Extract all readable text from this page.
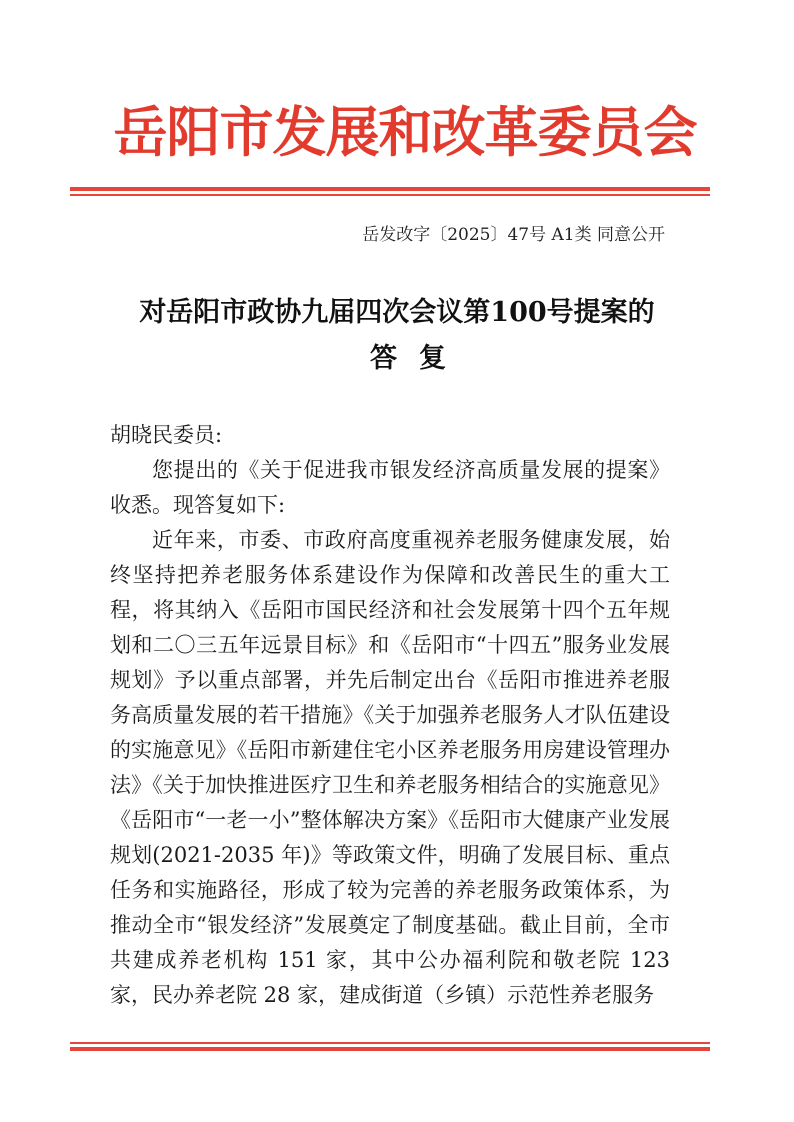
岳阳市发展和改革委员会
岳发改字〔2025〕47号 A1类 同意公开
对岳阳市政协九届四次会议第100号提案的
答复

胡晓民委员:

您提出的《关于促进我市银发经济高质量发展的提案》收悉。现答复如下:

近年来，市委、市政府高度重视养老服务健康发展，始终坚持把养老服务体系建设作为保障和改善民生的重大工程，将其纳入《岳阳市国民经济和社会发展第十四个五年规划和二〇三五年远景目标》和《岳阳市“十四五”服务业发展规划》予以重点部署，并先后制定出台《岳阳市推进养老服务高质量发展的若干措施》《关于加强养老服务人才队伍建设的实施意见》《岳阳市新建住宅小区养老服务用房建设管理办法》《关于加快推进医疗卫生和养老服务相结合的实施意见》《岳阳市“一老一小”整体解决方案》《岳阳市大健康产业发展规划(2021-2035 年)》等政策文件，明确了发展目标、重点任务和实施路径，形成了较为完善的养老服务政策体系，为推动全市“银发经济”发展奠定了制度基础。截止目前，全市共建成养老机构 151 家，其中公办福利院和敬老院 123 家，民办养老院 28 家，建成街道（乡镇）示范性养老服务
